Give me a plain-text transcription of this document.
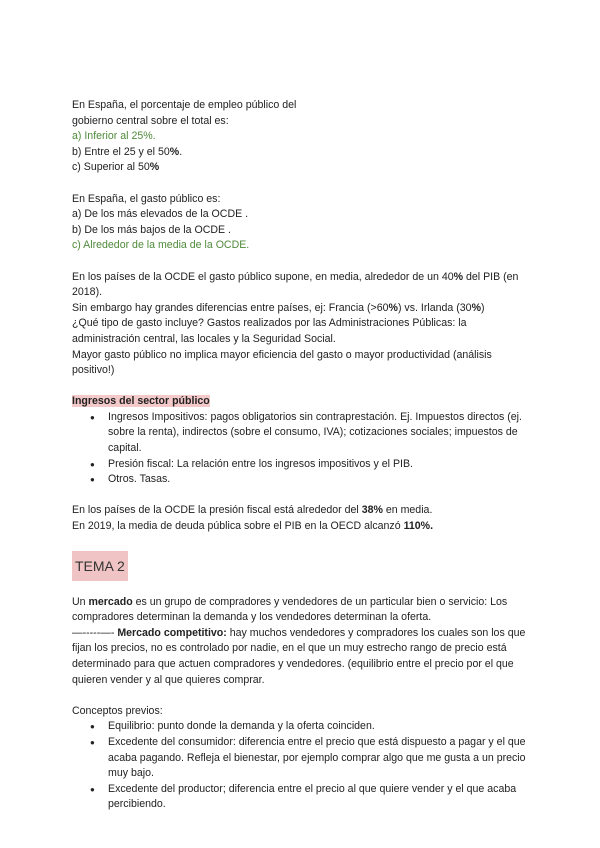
En España, el porcentaje de empleo público del

gobierno central sobre el total es:

a) Inferior al 25%.

b) Entre el 25 y el 50%.

c) Superior al 50%

En España, el gasto público es:

a) De los más elevados de la OCDE .

b) De los más bajos de la OCDE .

c) Alrededor de la media de la OCDE.

En los países de la OCDE el gasto público supone, en media, alrededor de un 40% del PIB (en 2018).

Sin embargo hay grandes diferencias entre países, ej: Francia (>60%) vs. Irlanda (30%)

¿Qué tipo de gasto incluye? Gastos realizados por las Administraciones Públicas: la administración central, las locales y la Seguridad Social.

Mayor gasto público no implica mayor eficiencia del gasto o mayor productividad (análisis positivo!)

Ingresos del sector público

● Ingresos Impositivos: pagos obligatorios sin contraprestación. Ej. Impuestos directos (ej. sobre la renta), indirectos (sobre el consumo, IVA); cotizaciones sociales; impuestos de capital.
● Presión fiscal: La relación entre los ingresos impositivos y el PIB.
● Otros. Tasas.

En los países de la OCDE la presión fiscal está alrededor del 38% en media.

En 2019, la media de deuda pública sobre el PIB en la OECD alcanzó 110%.

TEMA 2

Un mercado es un grupo de compradores y vendedores de un particular bien o servicio: Los compradores determinan la demanda y los vendedores determinan la oferta.

—-----—- Mercado competitivo: hay muchos vendedores y compradores los cuales son los que fijan los precios, no es controlado por nadie, en el que un muy estrecho rango de precio está determinado para que actuen compradores y vendedores. (equilibrio entre el precio por el que quieren vender y al que quieres comprar.

Conceptos previos:

● Equilibrio: punto donde la demanda y la oferta coinciden.
● Excedente del consumidor: diferencia entre el precio que está dispuesto a pagar y el que acaba pagando. Refleja el bienestar, por ejemplo comprar algo que me gusta a un precio muy bajo.
● Excedente del productor; diferencia entre el precio al que quiere vender y el que acaba percibiendo.
